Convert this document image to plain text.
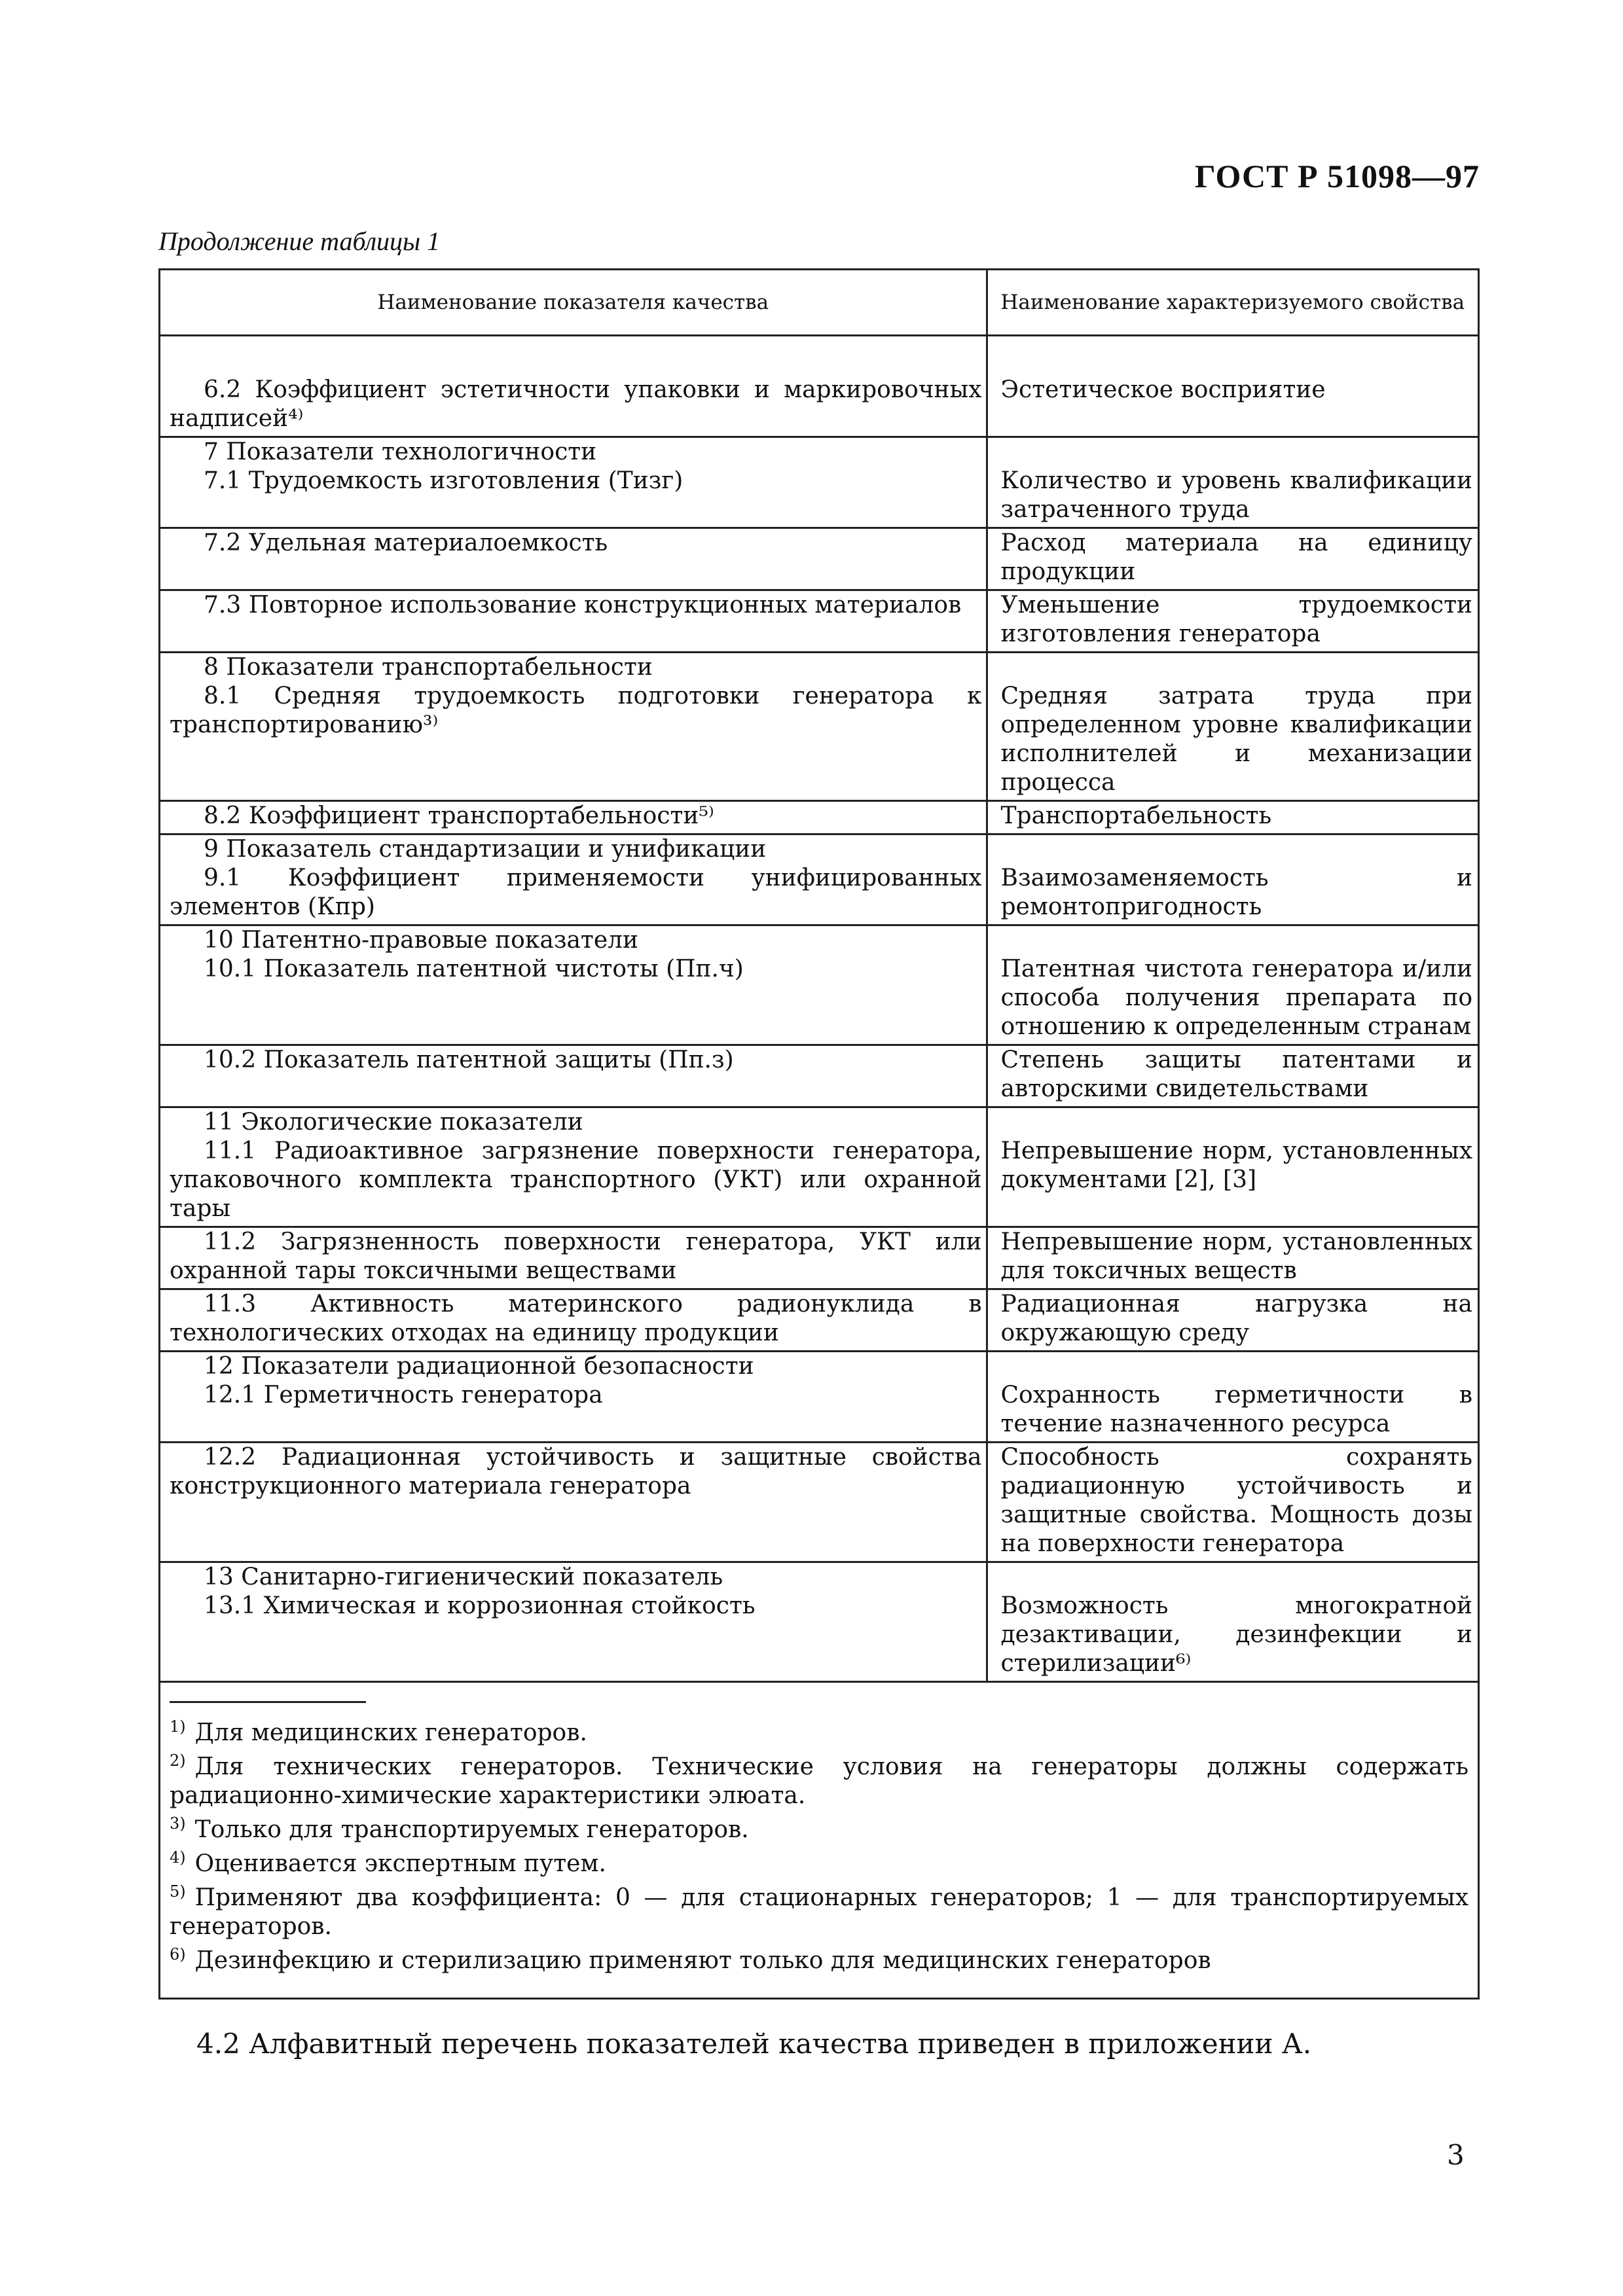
ГОСТ Р 51098—97
Продолжение таблицы 1
Наименование показателя качества	Наименование характеризуемого свойства

6.2 Коэффициент эстетичности упаковки и маркировочных надписей⁴⁾	Эстетическое восприятие

7 Показатели технологичности
7.1 Трудоемкость изготовления (Тизг)	Количество и уровень квалификации затраченного труда

7.2 Удельная материалоемкость	Расход материала на единицу продукции

7.3 Повторное использование конструкционных материалов	Уменьшение трудоемкости изготовления генератора

8 Показатели транспортабельности
8.1 Средняя трудоемкость подготовки генератора к транспортированию³⁾	Средняя затрата труда при определенном уровне квалификации исполнителей и механизации процесса

8.2 Коэффициент транспортабельности⁵⁾	Транспортабельность

9 Показатель стандартизации и унификации
9.1 Коэффициент применяемости унифицированных элементов (Кпр)	Взаимозаменяемость и ремонтопригодность

10 Патентно-правовые показатели
10.1 Показатель патентной чистоты (Пп.ч)	Патентная чистота генератора и/или способа получения препарата по отношению к определенным странам

10.2 Показатель патентной защиты (Пп.з)	Степень защиты патентами и авторскими свидетельствами

11 Экологические показатели
11.1 Радиоактивное загрязнение поверхности генератора, упаковочного комплекта транспортного (УКТ) или охранной тары	Непревышение норм, установленных документами [2], [3]

11.2 Загрязненность поверхности генератора, УКТ или охранной тары токсичными веществами	Непревышение норм, установленных для токсичных веществ

11.3 Активность материнского радионуклида в технологических отходах на единицу продукции	Радиационная нагрузка на окружающую среду

12 Показатели радиационной безопасности
12.1 Герметичность генератора	Сохранность герметичности в течение назначенного ресурса

12.2 Радиационная устойчивость и защитные свойства конструкционного материала генератора	Способность сохранять радиационную устойчивость и защитные свойства. Мощность дозы на поверхности генератора

13 Санитарно-гигиенический показатель
13.1 Химическая и коррозионная стойкость	Возможность многократной дезактивации, дезинфекции и стерилизации⁶⁾
$^{1)}$ Для медицинских генераторов.
$^{2)}$ Для технических генераторов. Технические условия на генераторы должны содержать радиационно-химические характеристики элюата.
$^{3)}$ Только для транспортируемых генераторов.
$^{4)}$ Оценивается экспертным путем.
$^{5)}$ Применяют два коэффициента: 0 — для стационарных генераторов; 1 — для транспортируемых генераторов.
$^{6)}$ Дезинфекцию и стерилизацию применяют только для медицинских генераторов
4.2 Алфавитный перечень показателей качества приведен в приложении А.
3
